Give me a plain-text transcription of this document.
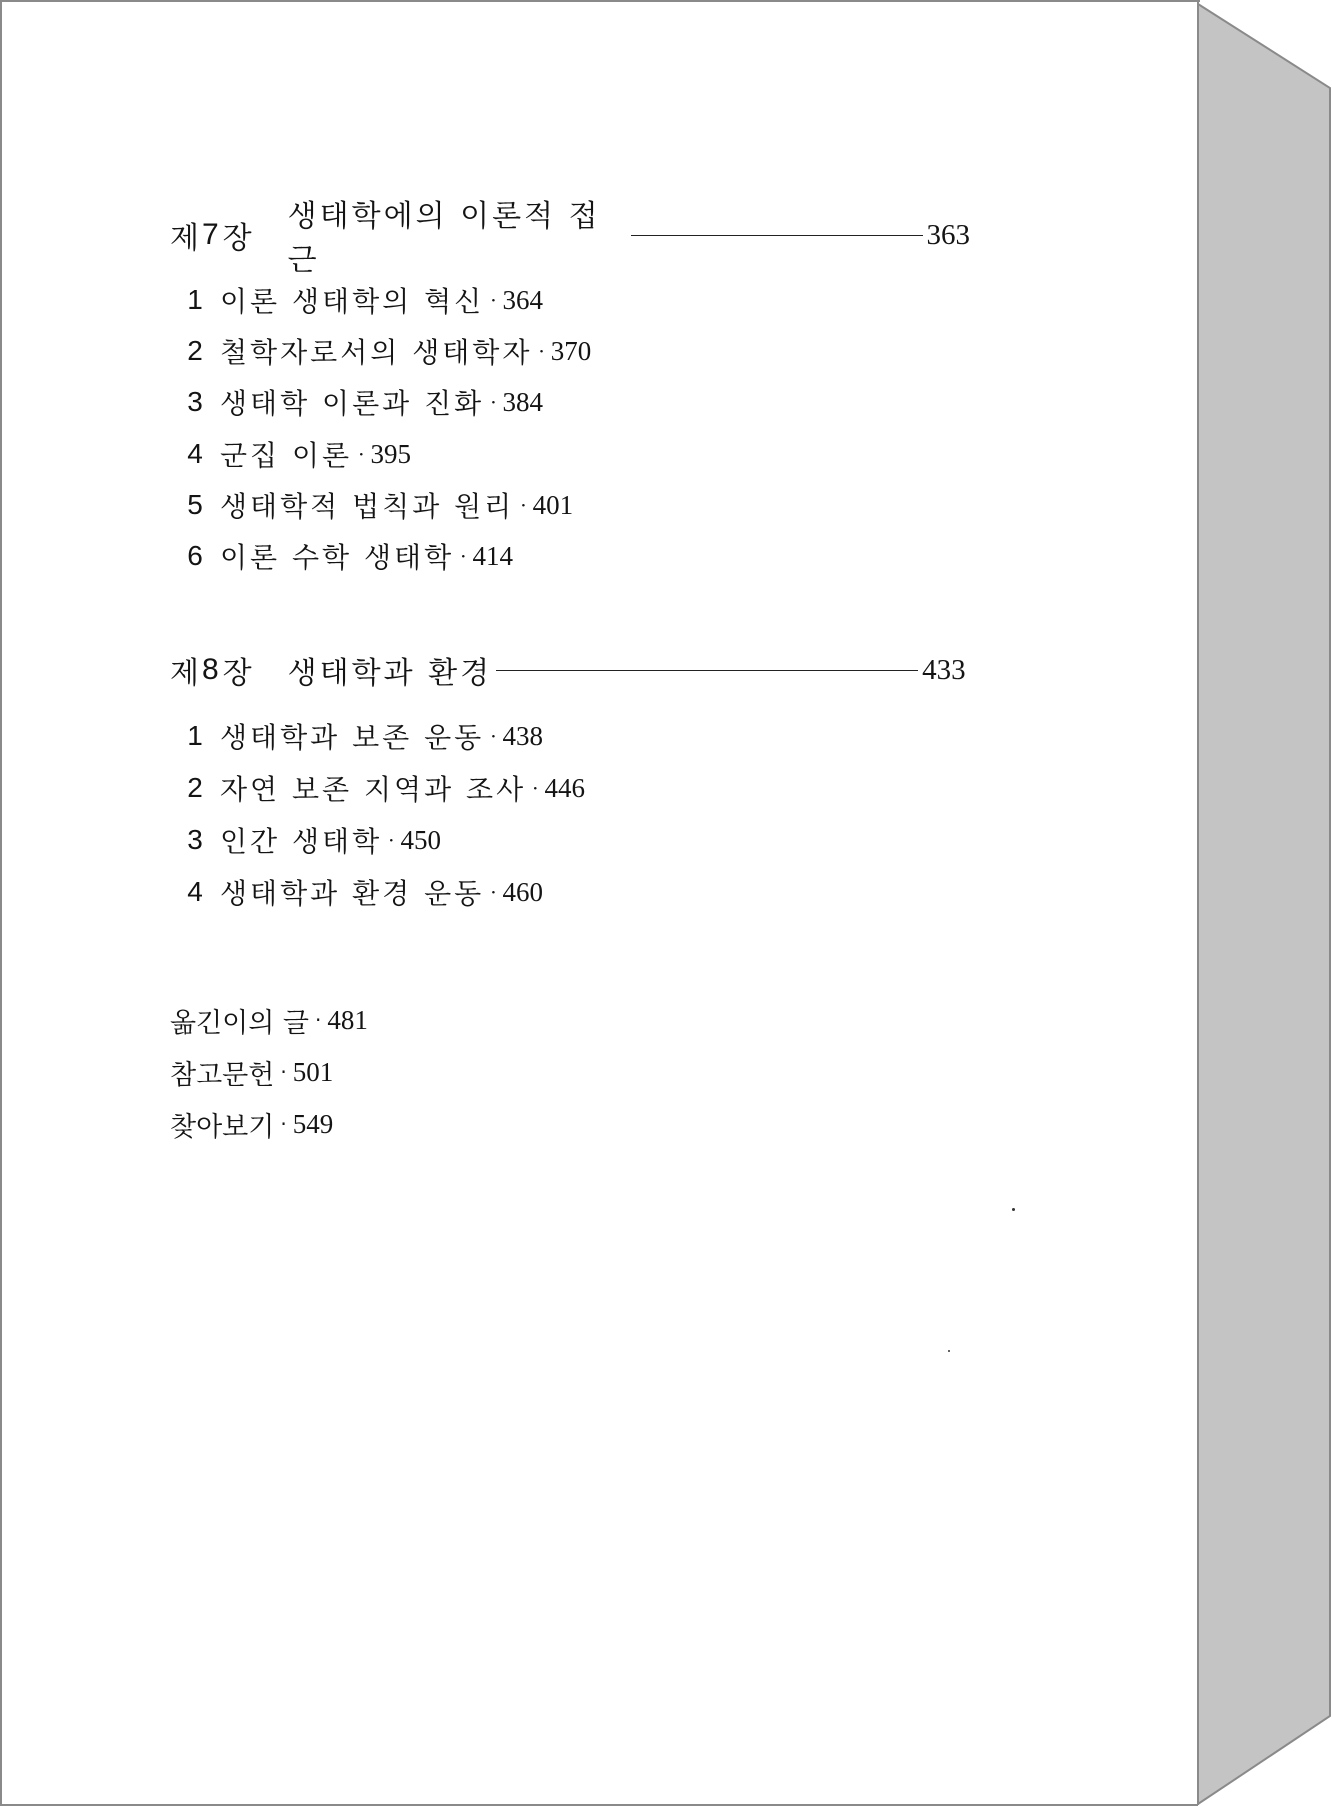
제 7 장
생태학에의 이론적 접근
363
1 이론 생태학의 혁신 · 364
2 철학자로서의 생태학자 · 370
3 생태학 이론과 진화 · 384
4 군집 이론 · 395
5 생태학적 법칙과 원리 · 401
6 이론 수학 생태학 · 414
제 8 장 생태학과 환경	433
1 생태학과 보존 운동 · 438
2 자연 보존 지역과 조사 · 446
3 인간 생태학 · 450
4 생태학과 환경 운동 · 460
옮긴이의 글 · 481
참고문헌 · 501
찾아보기 · 549
